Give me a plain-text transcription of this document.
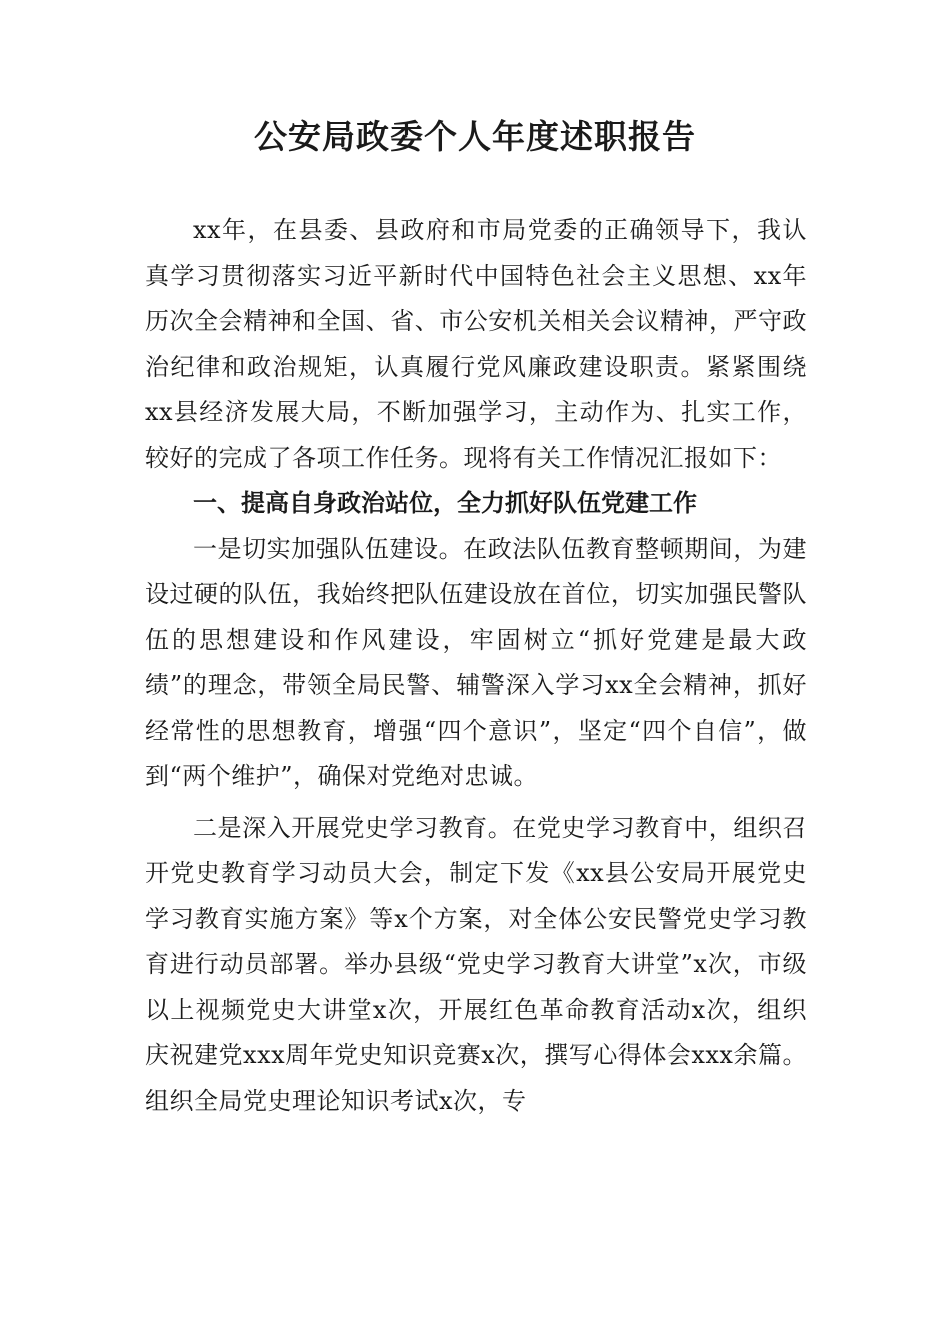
公安局政委个人年度述职报告

xx年，在县委、县政府和市局党委的正确领导下，我认真学习贯彻落实习近平新时代中国特色社会主义思想、xx年历次全会精神和全国、省、市公安机关相关会议精神，严守政治纪律和政治规矩，认真履行党风廉政建设职责。紧紧围绕xx县经济发展大局，不断加强学习，主动作为、扎实工作，较好的完成了各项工作任务。现将有关工作情况汇报如下：

一、提高自身政治站位，全力抓好队伍党建工作

一是切实加强队伍建设。在政法队伍教育整顿期间，为建设过硬的队伍，我始终把队伍建设放在首位，切实加强民警队伍的思想建设和作风建设，牢固树立“抓好党建是最大政绩”的理念，带领全局民警、辅警深入学习xx全会精神，抓好经常性的思想教育，增强“四个意识”，坚定“四个自信”，做到“两个维护”，确保对党绝对忠诚。

二是深入开展党史学习教育。在党史学习教育中，组织召开党史教育学习动员大会，制定下发《xx县公安局开展党史学习教育实施方案》等x个方案，对全体公安民警党史学习教育进行动员部署。举办县级“党史学习教育大讲堂”x次，市级以上视频党史大讲堂x次，开展红色革命教育活动x次，组织庆祝建党xxx周年党史知识竞赛x次，撰写心得体会xxx余篇。组织全局党史理论知识考试x次，专
